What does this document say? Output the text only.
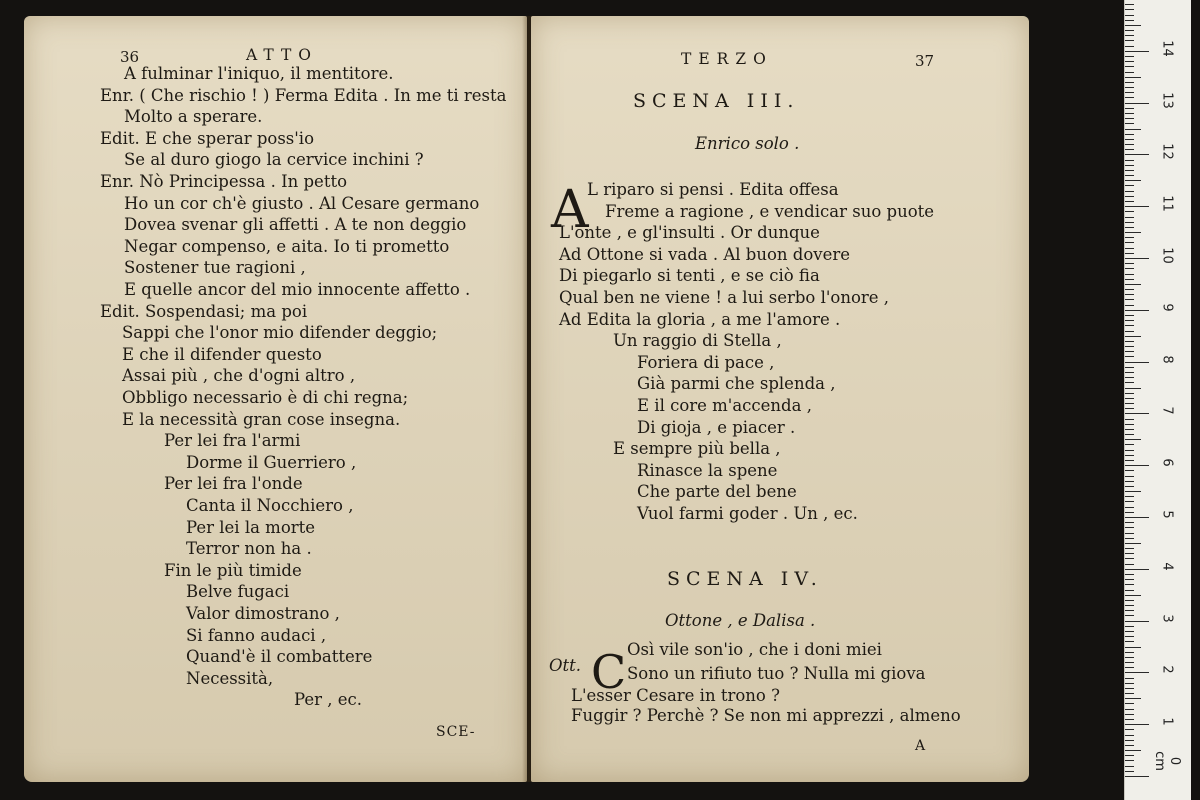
36	ATTO
A fulminar l'iniquo, il mentitore.
Enr. ( Che rischio ! ) Ferma Edita . In me ti resta
Molto a sperare.
Edit. E che sperar poss'io
Se al duro giogo la cervice inchini ?
Enr. Nò Principessa . In petto
Ho un cor ch'è giusto . Al Cesare germano
Dovea svenar gli affetti . A te non deggio
Negar compenso, e aita. Io ti prometto
Sostener tue ragioni ,
E quelle ancor del mio innocente affetto .
Edit. Sospendasi; ma poi
Sappi che l'onor mio difender deggio;
E che il difender questo
Assai più , che d'ogni altro ,
Obbligo necessario è di chi regna;
E la necessità gran cose insegna.
Per lei fra l'armi
Dorme il Guerriero ,
Per lei fra l'onde
Canta il Nocchiero ,
Per lei la morte
Terror non ha .
Fin le più timide
Belve fugaci
Valor dimostrano ,
Si fanno audaci ,
Quand'è il combattere
Necessità,
Per , ec.
SCE-
TERZO	37
SCENA III.
Enrico solo .
A
L riparo si pensi . Edita offesa
Freme a ragione , e vendicar suo puote
L'onte , e gl'insulti . Or dunque
Ad Ottone si vada . Al buon dovere
Di piegarlo si tenti , e se ciò fia
Qual ben ne viene ! a lui serbo l'onore ,
Ad Edita la gloria , a me l'amore .
Un raggio di Stella ,
Foriera di pace ,
Già parmi che splenda ,
E il core m'accenda ,
Di gioja , e piacer .
E sempre più bella ,
Rinasce la spene
Che parte del bene
Vuol farmi goder . Un , ec.
SCENA IV.
Ottone , e Dalisa .
Ott. C Osì vile son'io , che i doni miei
Sono un rifiuto tuo ? Nulla mi giova
L'esser Cesare in trono ?
Fuggir ? Perchè ? Se non mi apprezzi , almeno
A
0 cm
1
2
3
4
5
6
7
8
9
10
11
12
13
14
